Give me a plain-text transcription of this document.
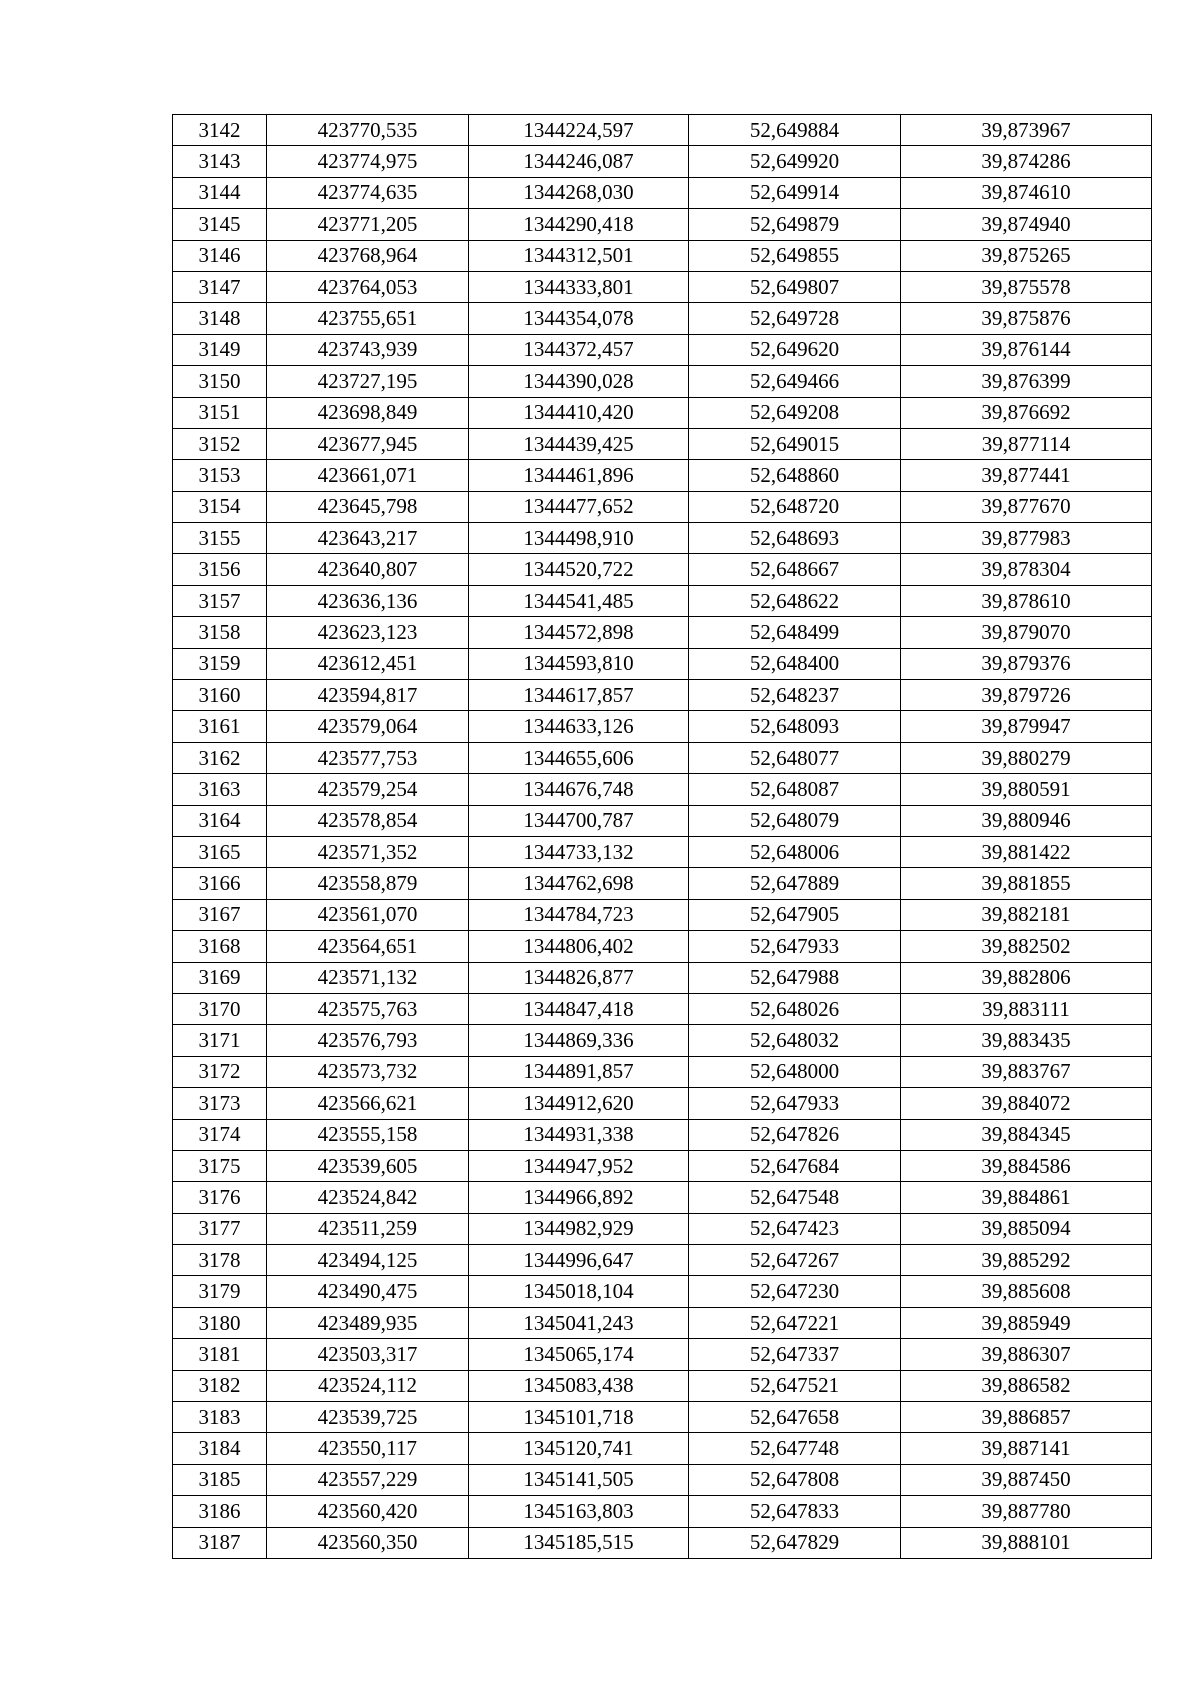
3142	423770,535	1344224,597	52,649884	39,873967
3143	423774,975	1344246,087	52,649920	39,874286
3144	423774,635	1344268,030	52,649914	39,874610
3145	423771,205	1344290,418	52,649879	39,874940
3146	423768,964	1344312,501	52,649855	39,875265
3147	423764,053	1344333,801	52,649807	39,875578
3148	423755,651	1344354,078	52,649728	39,875876
3149	423743,939	1344372,457	52,649620	39,876144
3150	423727,195	1344390,028	52,649466	39,876399
3151	423698,849	1344410,420	52,649208	39,876692
3152	423677,945	1344439,425	52,649015	39,877114
3153	423661,071	1344461,896	52,648860	39,877441
3154	423645,798	1344477,652	52,648720	39,877670
3155	423643,217	1344498,910	52,648693	39,877983
3156	423640,807	1344520,722	52,648667	39,878304
3157	423636,136	1344541,485	52,648622	39,878610
3158	423623,123	1344572,898	52,648499	39,879070
3159	423612,451	1344593,810	52,648400	39,879376
3160	423594,817	1344617,857	52,648237	39,879726
3161	423579,064	1344633,126	52,648093	39,879947
3162	423577,753	1344655,606	52,648077	39,880279
3163	423579,254	1344676,748	52,648087	39,880591
3164	423578,854	1344700,787	52,648079	39,880946
3165	423571,352	1344733,132	52,648006	39,881422
3166	423558,879	1344762,698	52,647889	39,881855
3167	423561,070	1344784,723	52,647905	39,882181
3168	423564,651	1344806,402	52,647933	39,882502
3169	423571,132	1344826,877	52,647988	39,882806
3170	423575,763	1344847,418	52,648026	39,883111
3171	423576,793	1344869,336	52,648032	39,883435
3172	423573,732	1344891,857	52,648000	39,883767
3173	423566,621	1344912,620	52,647933	39,884072
3174	423555,158	1344931,338	52,647826	39,884345
3175	423539,605	1344947,952	52,647684	39,884586
3176	423524,842	1344966,892	52,647548	39,884861
3177	423511,259	1344982,929	52,647423	39,885094
3178	423494,125	1344996,647	52,647267	39,885292
3179	423490,475	1345018,104	52,647230	39,885608
3180	423489,935	1345041,243	52,647221	39,885949
3181	423503,317	1345065,174	52,647337	39,886307
3182	423524,112	1345083,438	52,647521	39,886582
3183	423539,725	1345101,718	52,647658	39,886857
3184	423550,117	1345120,741	52,647748	39,887141
3185	423557,229	1345141,505	52,647808	39,887450
3186	423560,420	1345163,803	52,647833	39,887780
3187	423560,350	1345185,515	52,647829	39,888101
